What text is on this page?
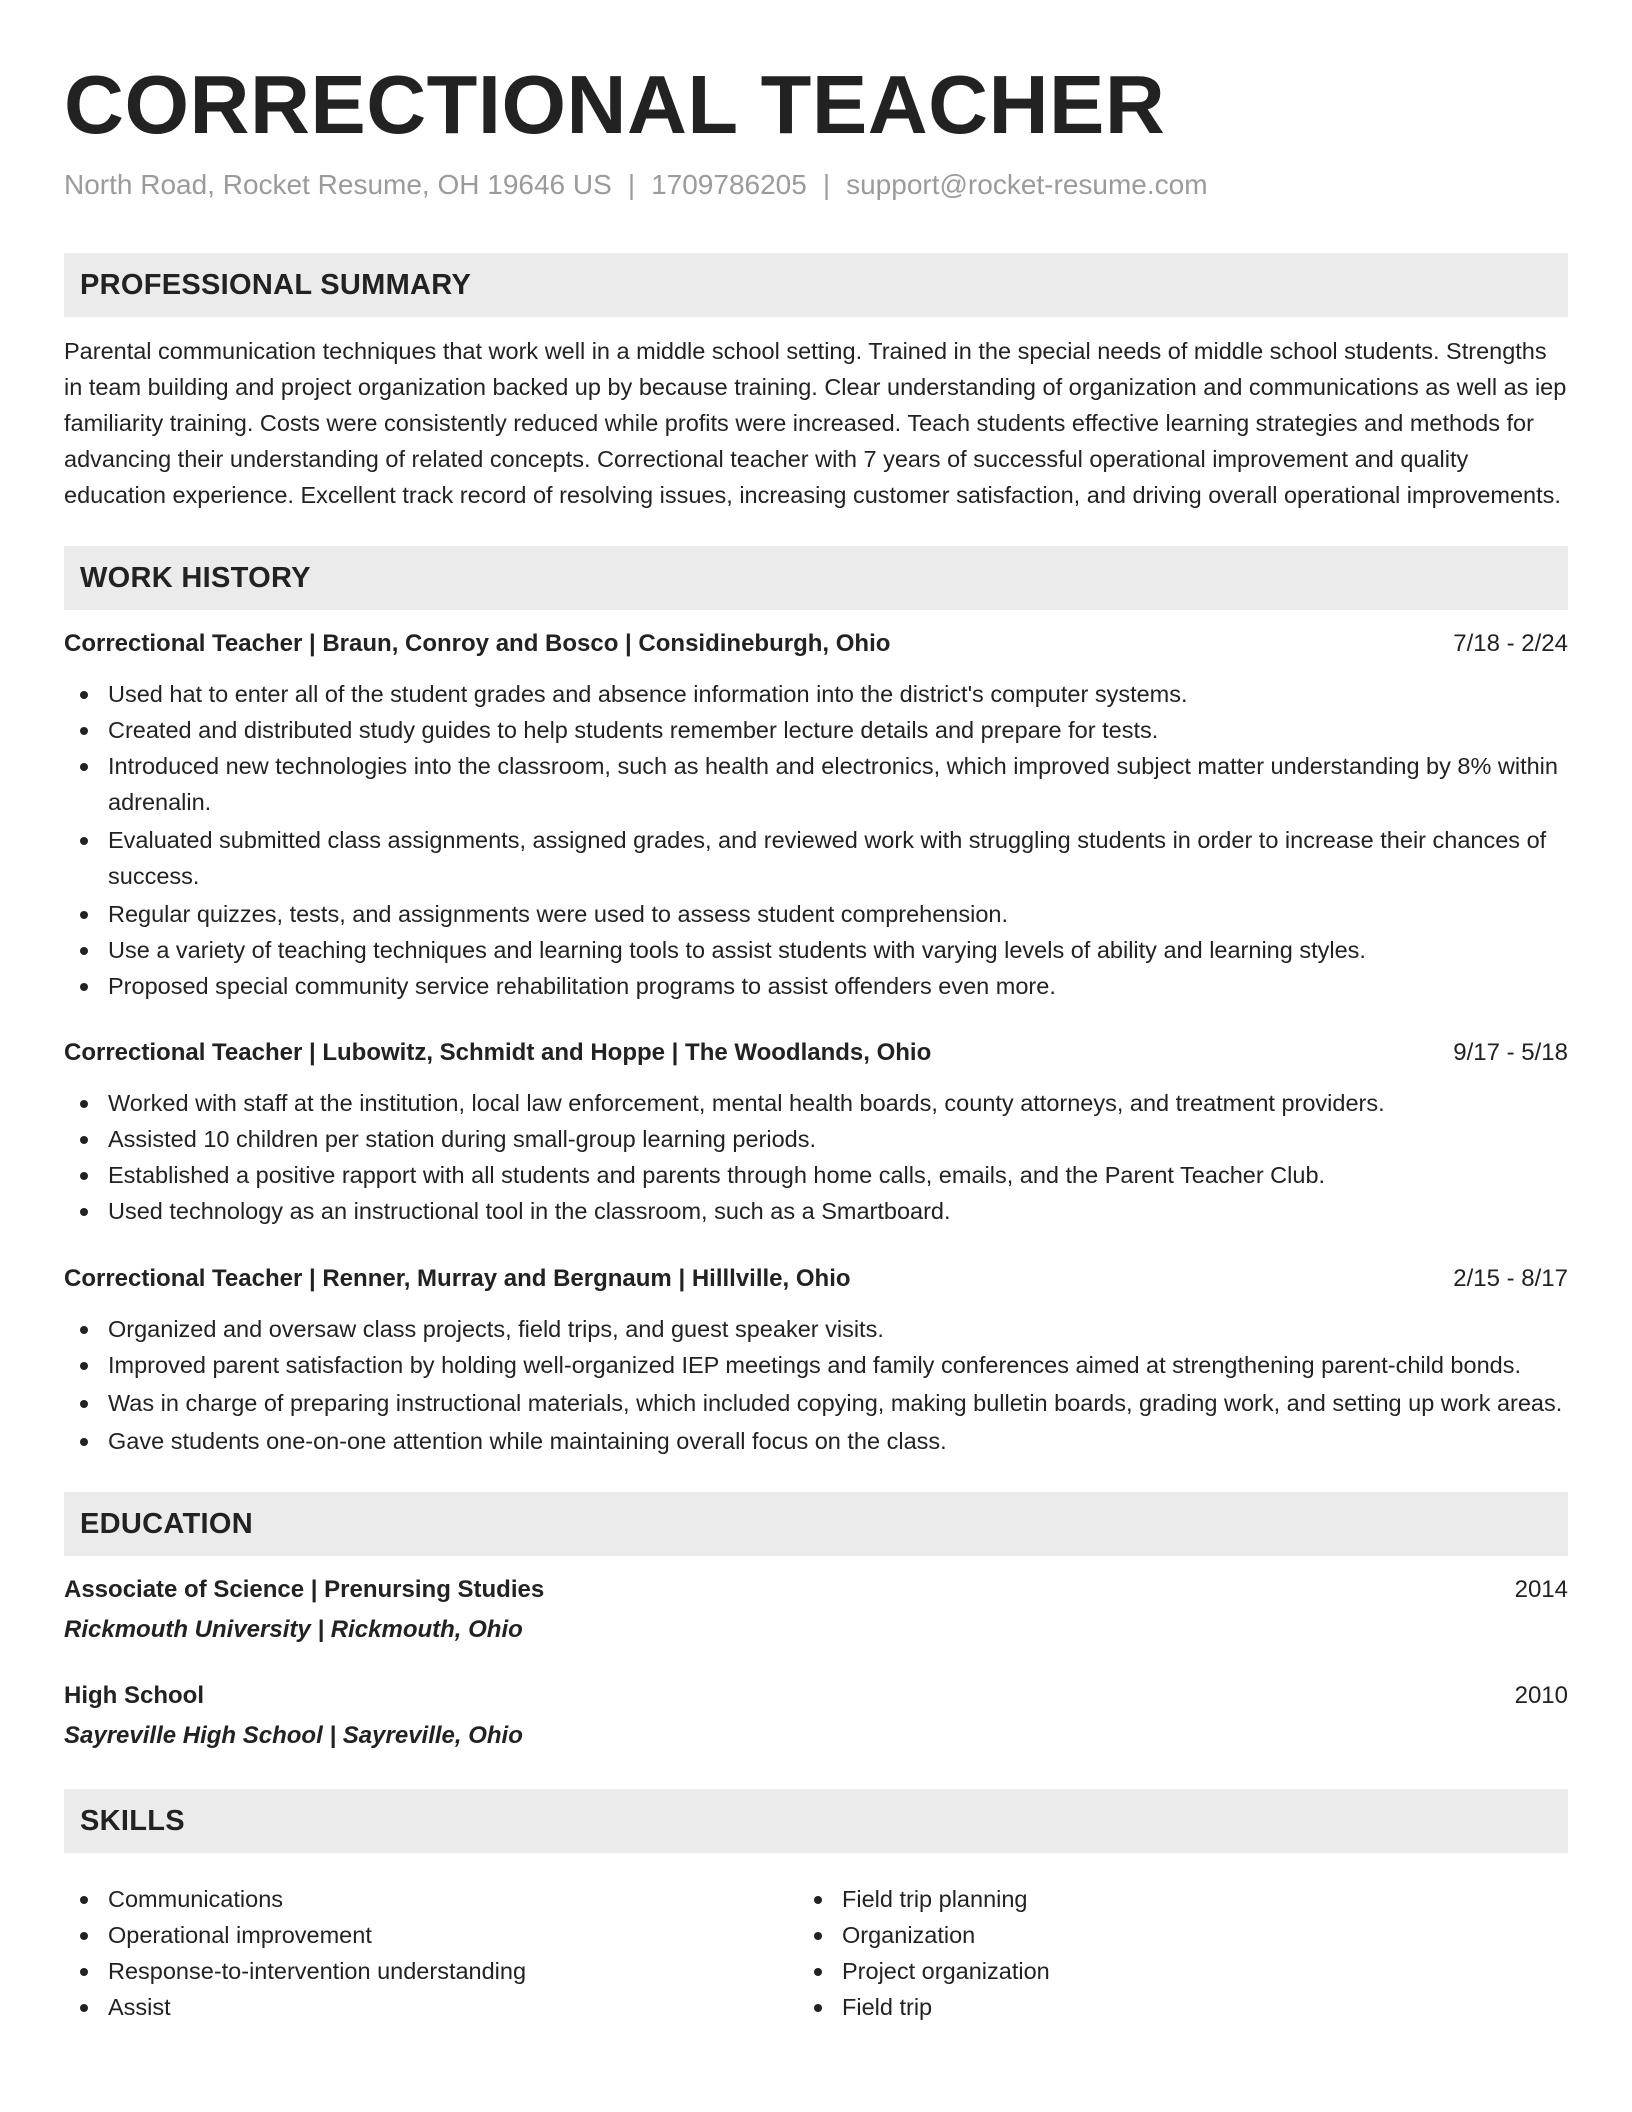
CORRECTIONAL TEACHER
North Road, Rocket Resume, OH 19646 US | 1709786205 | support@rocket-resume.com
PROFESSIONAL SUMMARY

Parental communication techniques that work well in a middle school setting. Trained in the special needs of middle school students. Strengths in team building and project organization backed up by because training. Clear understanding of organization and communications as well as iep familiarity training. Costs were consistently reduced while profits were increased. Teach students effective learning strategies and methods for advancing their understanding of related concepts. Correctional teacher with 7 years of successful operational improvement and quality education experience. Excellent track record of resolving issues, increasing customer satisfaction, and driving overall operational improvements.

WORK HISTORY
Correctional Teacher | Braun, Conroy and Bosco | Considineburgh, Ohio	7/18 - 2/24
Used hat to enter all of the student grades and absence information into the district's computer systems.
Created and distributed study guides to help students remember lecture details and prepare for tests.
Introduced new technologies into the classroom, such as health and electronics, which improved subject matter understanding by 8% within adrenalin.
Evaluated submitted class assignments, assigned grades, and reviewed work with struggling students in order to increase their chances of success.
Regular quizzes, tests, and assignments were used to assess student comprehension.
Use a variety of teaching techniques and learning tools to assist students with varying levels of ability and learning styles.
Proposed special community service rehabilitation programs to assist offenders even more.
Correctional Teacher | Lubowitz, Schmidt and Hoppe | The Woodlands, Ohio	9/17 - 5/18
Worked with staff at the institution, local law enforcement, mental health boards, county attorneys, and treatment providers.
Assisted 10 children per station during small-group learning periods.
Established a positive rapport with all students and parents through home calls, emails, and the Parent Teacher Club.
Used technology as an instructional tool in the classroom, such as a Smartboard.
Correctional Teacher | Renner, Murray and Bergnaum | Hilllville, Ohio	2/15 - 8/17
Organized and oversaw class projects, field trips, and guest speaker visits.
Improved parent satisfaction by holding well-organized IEP meetings and family conferences aimed at strengthening parent-child bonds.
Was in charge of preparing instructional materials, which included copying, making bulletin boards, grading work, and setting up work areas.
Gave students one-on-one attention while maintaining overall focus on the class.
EDUCATION
Associate of Science | Prenursing Studies
Rickmouth University | Rickmouth, Ohio
2014
High School
Sayreville High School | Sayreville, Ohio
2010
SKILLS
Communications
Operational improvement
Response-to-intervention understanding
Assist
Field trip planning
Organization
Project organization
Field trip
